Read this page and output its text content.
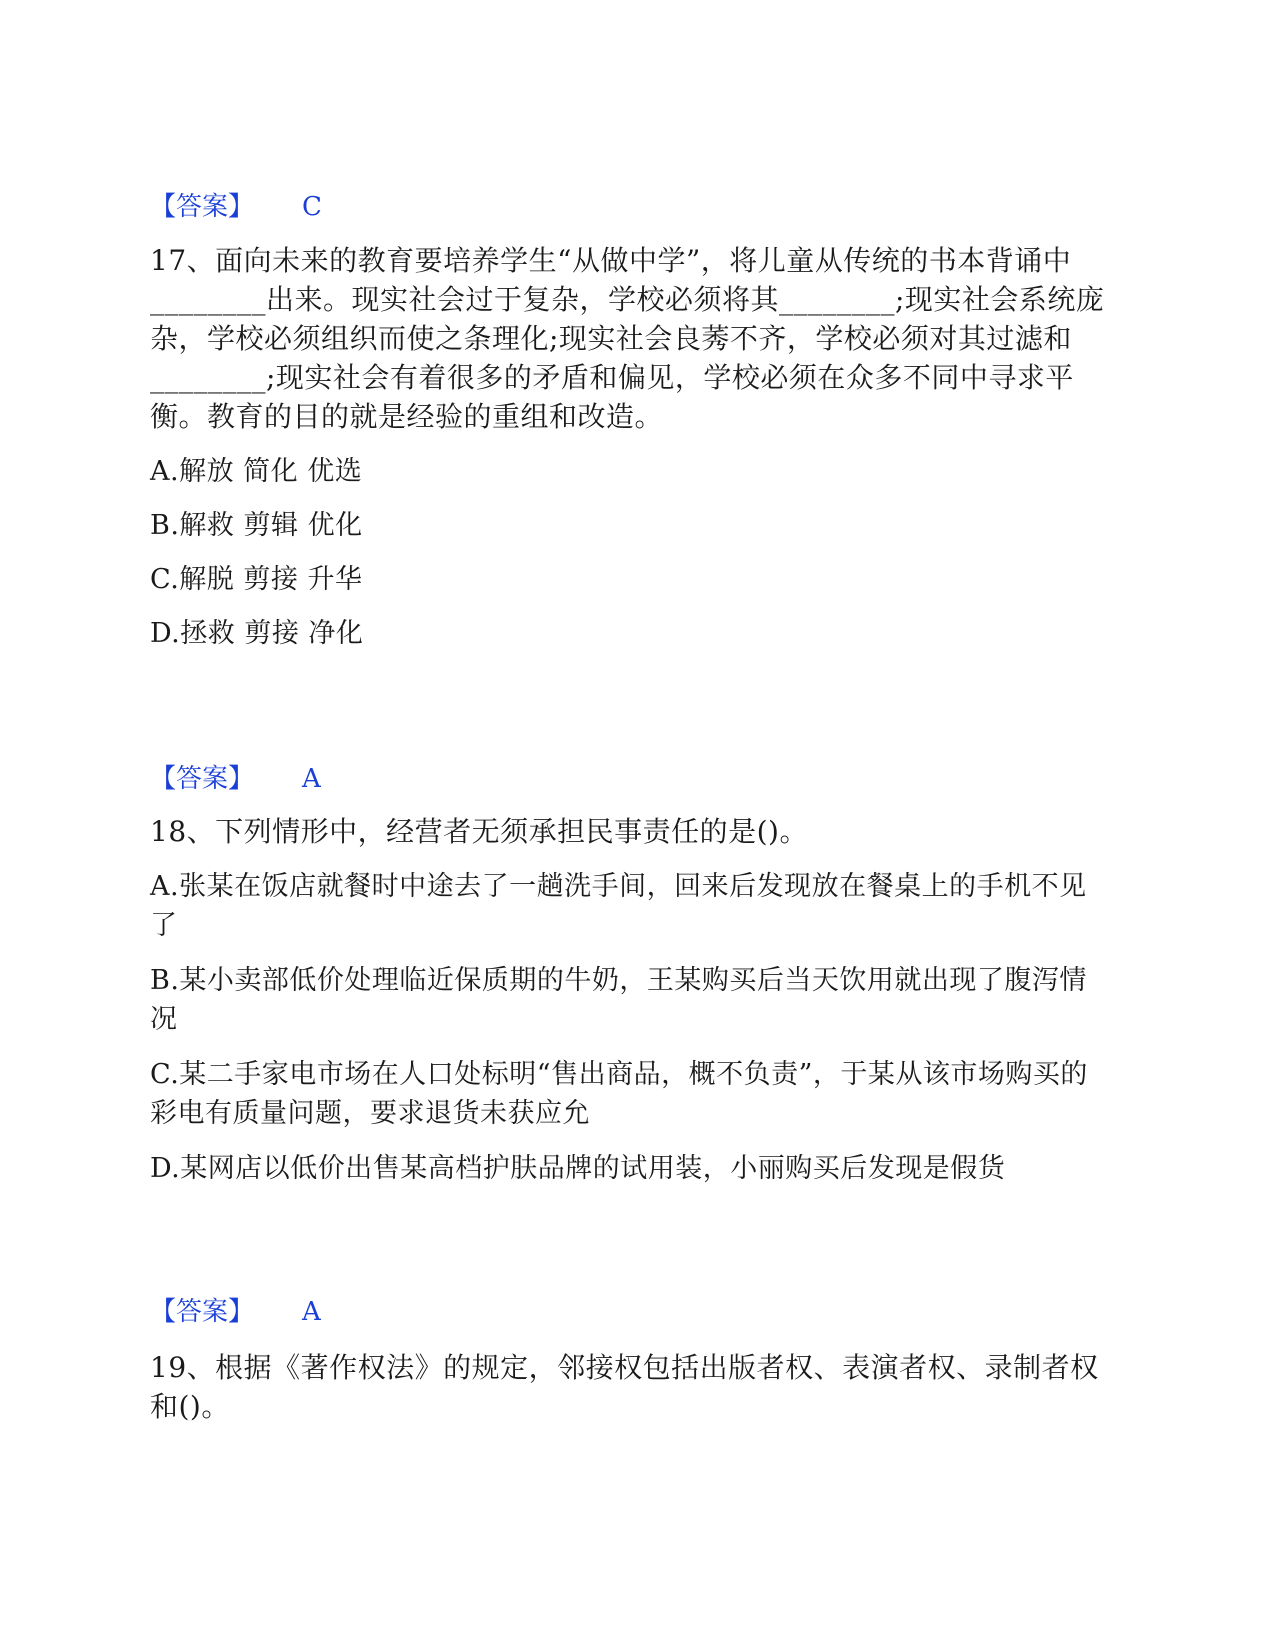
【答案】 C
17、面向未来的教育要培养学生“从做中学”，将儿童从传统的书本背诵中________出来。现实社会过于复杂，学校必须将其________;现实社会系统庞杂，学校必须组织而使之条理化;现实社会良莠不齐，学校必须对其过滤和________;现实社会有着很多的矛盾和偏见，学校必须在众多不同中寻求平衡。教育的目的就是经验的重组和改造。
A.解放 简化 优选
B.解救 剪辑 优化
C.解脱 剪接 升华
D.拯救 剪接 净化
【答案】 A
18、下列情形中，经营者无须承担民事责任的是()。
A.张某在饭店就餐时中途去了一趟洗手间，回来后发现放在餐桌上的手机不见了
B.某小卖部低价处理临近保质期的牛奶，王某购买后当天饮用就出现了腹泻情况
C.某二手家电市场在人口处标明“售出商品，概不负责”，于某从该市场购买的彩电有质量问题，要求退货未获应允
D.某网店以低价出售某高档护肤品牌的试用装，小丽购买后发现是假货
【答案】 A
19、根据《著作权法》的规定，邻接权包括出版者权、表演者权、录制者权和()。
